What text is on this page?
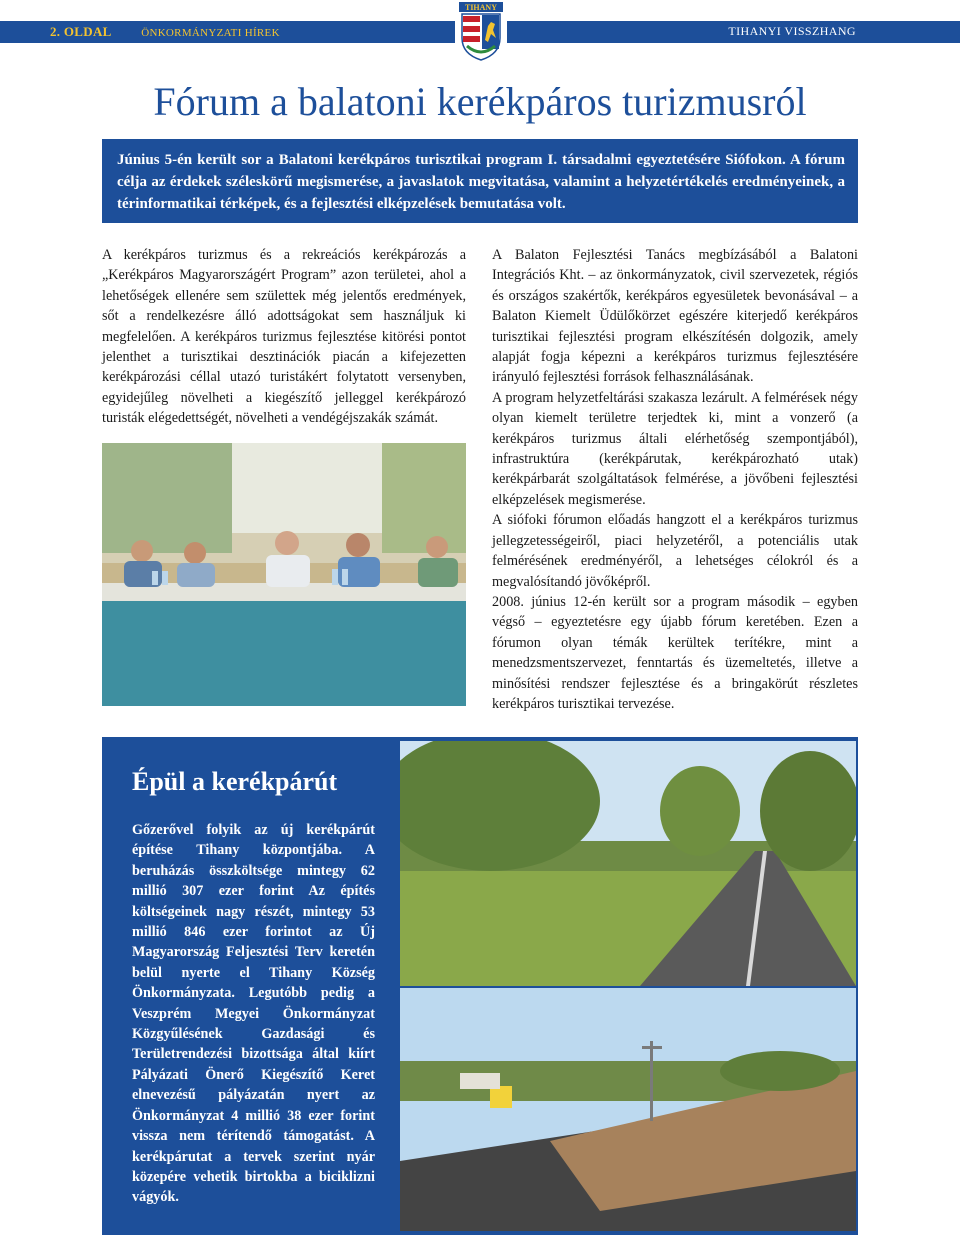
2. OLDAL	ÖNKORMÁNYZATI HÍREK	TIHANYI VISSZHANG
TIHANY
Fórum a balatoni kerékpáros turizmusról

Június 5-én került sor a Balatoni kerékpáros turisztikai program I. társadalmi egyeztetésére Siófokon. A fórum célja az érdekek széleskörű megismerése, a javaslatok megvitatása, valamint a helyzetértékelés eredményeinek, a térinformatikai térképek, és a fejlesztési elképzelések bemutatása volt.

A kerékpáros turizmus és a rekreációs kerékpározás a „Kerékpáros Magyarországért Program” azon területei, ahol a lehetőségek ellenére sem születtek még jelentős eredmények, sőt a rendelkezésre álló adottságokat sem használjuk ki megfelelően. A kerékpáros turizmus fejlesztése kitörési pontot jelenthet a turisztikai desztinációk piacán a kifejezetten kerékpározási céllal utazó turistákért folytatott versenyben, egyidejűleg növelheti a kiegészítő jelleggel kerékpározó turisták elégedettségét, növelheti a vendégéjszakák számát.

A Balaton Fejlesztési Tanács megbízásából a Balatoni Integrációs Kht. – az önkormányzatok, civil szervezetek, régiós és országos szakértők, kerékpáros egyesületek bevonásával – a Balaton Kiemelt Üdülőkörzet egészére kiterjedő kerékpáros turisztikai fejlesztési program elkészítésén dolgozik, amely alapját fogja képezni a kerékpáros turizmus fejlesztésére irányuló fejlesztési források felhasználásának.

A program helyzetfeltárási szakasza lezárult. A felmérések négy olyan kiemelt területre terjedtek ki, mint a vonzerő (a kerékpáros turizmus általi elérhetőség szempontjából), infrastruktúra (kerékpárutak, kerékpározható utak) kerékpárbarát szolgáltatások felmérése, a jövőbeni fejlesztési elképzelések megismerése.

A siófoki fórumon előadás hangzott el a kerékpáros turizmus jellegzetességeiről, piaci helyzetéről, a potenciális utak felmérésének eredményéről, a lehetséges célokról és a megvalósítandó jövőképről.

2008. június 12-én került sor a program második – egyben végső – egyeztetésre egy újabb fórum keretében. Ezen a fórumon olyan témák kerültek terítékre, mint a menedzsmentszervezet, fenntartás és üzemeltetés, illetve a minősítési rendszer fejlesztése és a bringakörút részletes kerékpáros turisztikai tervezése.

Épül a kerékpárút

Gőzerővel folyik az új kerékpárút építése Tihany központjába. A beruházás összköltsége mintegy 62 millió 307 ezer forint Az építés költségeinek nagy részét, mintegy 53 millió 846 ezer forintot az Új Magyarország Feljesztési Terv keretén belül nyerte el Tihany Község Önkormányzata. Legutóbb pedig a Veszprém Megyei Önkormányzat Közgyűlésének Gazdasági és Területrendezési bizottsága által kiírt Pályázati Önerő Kiegészítő Keret elnevezésű pályázatán nyert az Önkormányzat 4 millió 38 ezer forint vissza nem térítendő támogatást. A kerékpárutat a tervek szerint nyár közepére vehetik birtokba a biciklizni vágyók.
